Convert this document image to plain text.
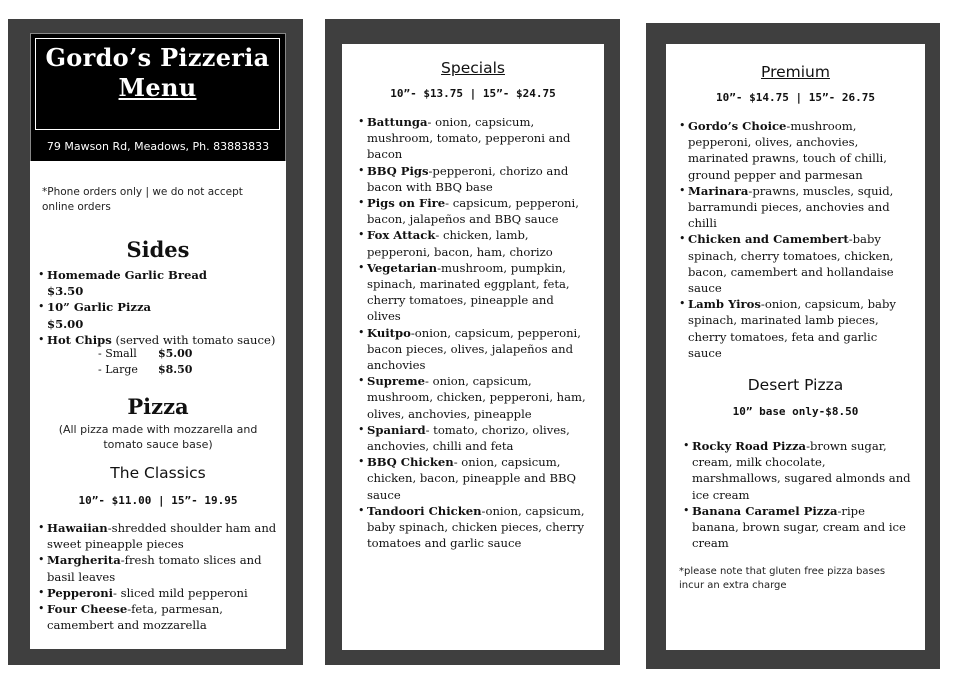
Gordo’s Pizzeria
Menu
79 Mawson Rd, Meadows, Ph. 83883833
*Phone orders only | we do not accept online orders
Sides
• Homemade Garlic Bread
$3.50
• 10” Garlic Pizza
$5.00
• Hot Chips (served with tomato sauce)
- Small	$5.00
- Large	$8.50
Pizza
(All pizza made with mozzarella and tomato sauce base)
The Classics
10”- $11.00 | 15”- 19.95
• Hawaiian-shredded shoulder ham and sweet pineapple pieces
• Margherita-fresh tomato slices and basil leaves
• Pepperoni- sliced mild pepperoni
• Four Cheese-feta, parmesan, camembert and mozzarella
Specials
10”- $13.75 | 15”- $24.75
• Battunga- onion, capsicum, mushroom, tomato, pepperoni and bacon
• BBQ Pigs-pepperoni, chorizo and bacon with BBQ base
• Pigs on Fire- capsicum, pepperoni, bacon, jalapeños and BBQ sauce
• Fox Attack- chicken, lamb, pepperoni, bacon, ham, chorizo
• Vegetarian-mushroom, pumpkin, spinach, marinated eggplant, feta, cherry tomatoes, pineapple and olives
• Kuitpo-onion, capsicum, pepperoni, bacon pieces, olives, jalapeños and anchovies
• Supreme- onion, capsicum, mushroom, chicken, pepperoni, ham, olives, anchovies, pineapple
• Spaniard- tomato, chorizo, olives, anchovies, chilli and feta
• BBQ Chicken- onion, capsicum, chicken, bacon, pineapple and BBQ sauce
• Tandoori Chicken-onion, capsicum, baby spinach, chicken pieces, cherry tomatoes and garlic sauce
Premium
10”- $14.75 | 15”- 26.75
• Gordo’s Choice-mushroom, pepperoni, olives, anchovies, marinated prawns, touch of chilli, ground pepper and parmesan
• Marinara-prawns, muscles, squid, barramundi pieces, anchovies and chilli
• Chicken and Camembert-baby spinach, cherry tomatoes, chicken, bacon, camembert and hollandaise sauce
• Lamb Yiros-onion, capsicum, baby spinach, marinated lamb pieces, cherry tomatoes, feta and garlic sauce
Desert Pizza
10” base only-$8.50
• Rocky Road Pizza-brown sugar, cream, milk chocolate, marshmallows, sugared almonds and ice cream
• Banana Caramel Pizza-ripe banana, brown sugar, cream and ice cream
*please note that gluten free pizza bases incur an extra charge
